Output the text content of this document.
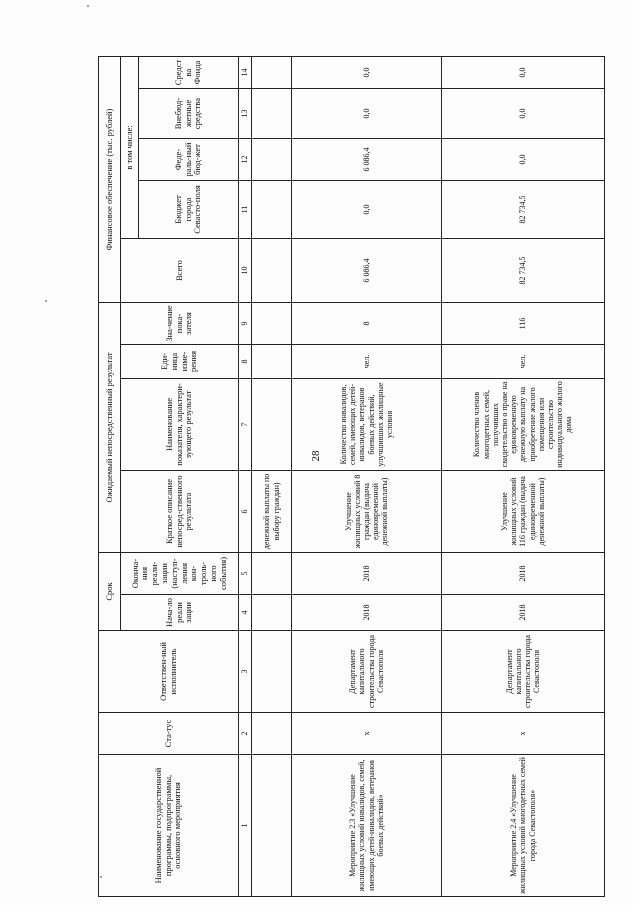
28
Наименование государственной программы, подпрограммы, основного мероприятия	Ста-тус	Ответствен-ный исполнитель	Срок		Ожидаемый непосредственный результат				Финансовое обеспечение (тыс. рублей)				
			Нача-ло реали зации	Оконча-ния реали-зации (наступ-ления кон-троль-ного события)	Краткое описание непосред-ственного результата	Наименование показателя, характери-зующего результат	Еди-ница изме-рения	Зна-чение пока-зателя	Всего	в том числе:			
										Бюджет города Севасто-поля	Феде-раль-ный бюд-жет	Внебюд-жетные средства	Средства Фонда
1	2	3	4	5	6	7	8	9	10	11	12	13	14
					денежной выплаты по выбору граждан)								
Мероприятие 2.3 «Улучшение жилищных условий инвалидов, семей, имеющих детей-инвалидов, ветеранов боевых действий»	х	Департамент капитального строительства города Севастополя	2018	2018	Улучшение жилищных условий 8 граждан (выдача единовременной денежной выплаты)	Количество инвалидов, семей, имеющих детей-инвалидов, ветеранов боевых действий, улучшивших жилищные условия	чел.	8	6 086,4	0,0	6 086,4	0,0	0,0
Мероприятие 2.4 «Улучшение жилищных условий многодетных семей города Севастополя»	х	Департамент капитального строительства города Севастополя	2018	2018	Улучшение жилищных условий 116 граждан (выдача единовременной денежной выплаты)	Количество членов многодетных семей, получивших свидетельство о праве на единовременную денежную выплату на приобретение жилого помещения или строительство индивидуального жилого дома	чел.	116	82 734,5	82 734,5	0,0	0,0	0,0
